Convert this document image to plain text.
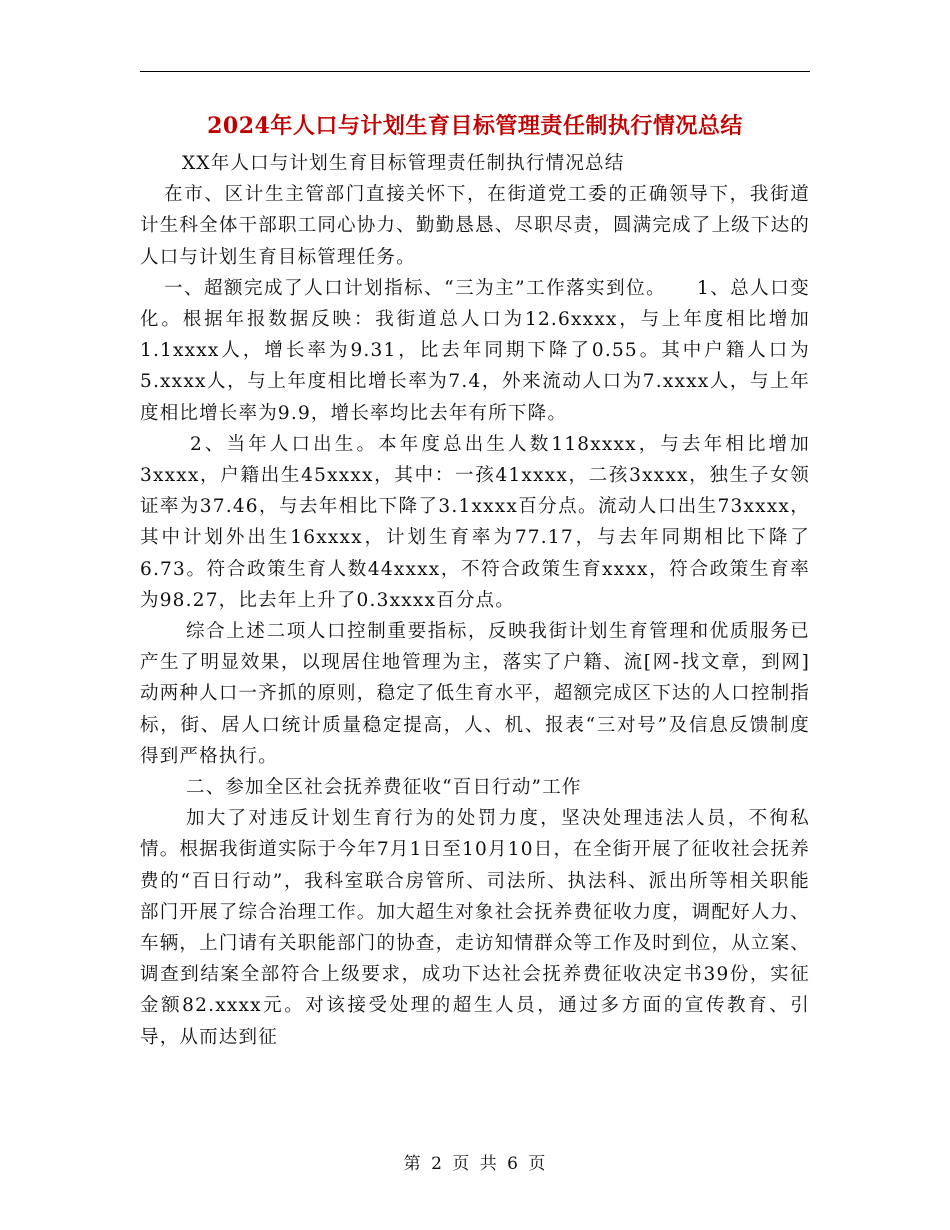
2024年人口与计划生育目标管理责任制执行情况总结

XX年人口与计划生育目标管理责任制执行情况总结

在市、区计生主管部门直接关怀下，在街道党工委的正确领导下，我街道计生科全体干部职工同心协力、勤勤恳恳、尽职尽责，圆满完成了上级下达的人口与计划生育目标管理任务。

一、超额完成了人口计划指标、“三为主”工作落实到位。　　1、总人口变化。根据年报数据反映：我街道总人口为12.6xxxx，与上年度相比增加1.1xxxx人，增长率为9.31，比去年同期下降了0.55。其中户籍人口为5.xxxx人，与上年度相比增长率为7.4，外来流动人口为7.xxxx人，与上年度相比增长率为9.9，增长率均比去年有所下降。

2、当年人口出生。本年度总出生人数118xxxx，与去年相比增加3xxxx，户籍出生45xxxx，其中：一孩41xxxx，二孩3xxxx，独生子女领证率为37.46，与去年相比下降了3.1xxxx百分点。流动人口出生73xxxx，其中计划外出生16xxxx，计划生育率为77.17，与去年同期相比下降了6.73。符合政策生育人数44xxxx，不符合政策生育xxxx，符合政策生育率为98.27，比去年上升了0.3xxxx百分点。

综合上述二项人口控制重要指标，反映我街计划生育管理和优质服务已产生了明显效果，以现居住地管理为主，落实了户籍、流[网-找文章，到网]动两种人口一齐抓的原则，稳定了低生育水平，超额完成区下达的人口控制指标，街、居人口统计质量稳定提高，人、机、报表“三对号”及信息反馈制度得到严格执行。

二、参加全区社会抚养费征收“百日行动”工作

加大了对违反计划生育行为的处罚力度，坚决处理违法人员，不徇私情。根据我街道实际于今年7月1日至10月10日，在全街开展了征收社会抚养费的“百日行动”，我科室联合房管所、司法所、执法科、派出所等相关职能部门开展了综合治理工作。加大超生对象社会抚养费征收力度，调配好人力、车辆，上门请有关职能部门的协查，走访知情群众等工作及时到位，从立案、调查到结案全部符合上级要求，成功下达社会抚养费征收决定书39份，实征金额82.xxxx元。对该接受处理的超生人员，通过多方面的宣传教育、引导，从而达到征

第 2 页 共 6 页
